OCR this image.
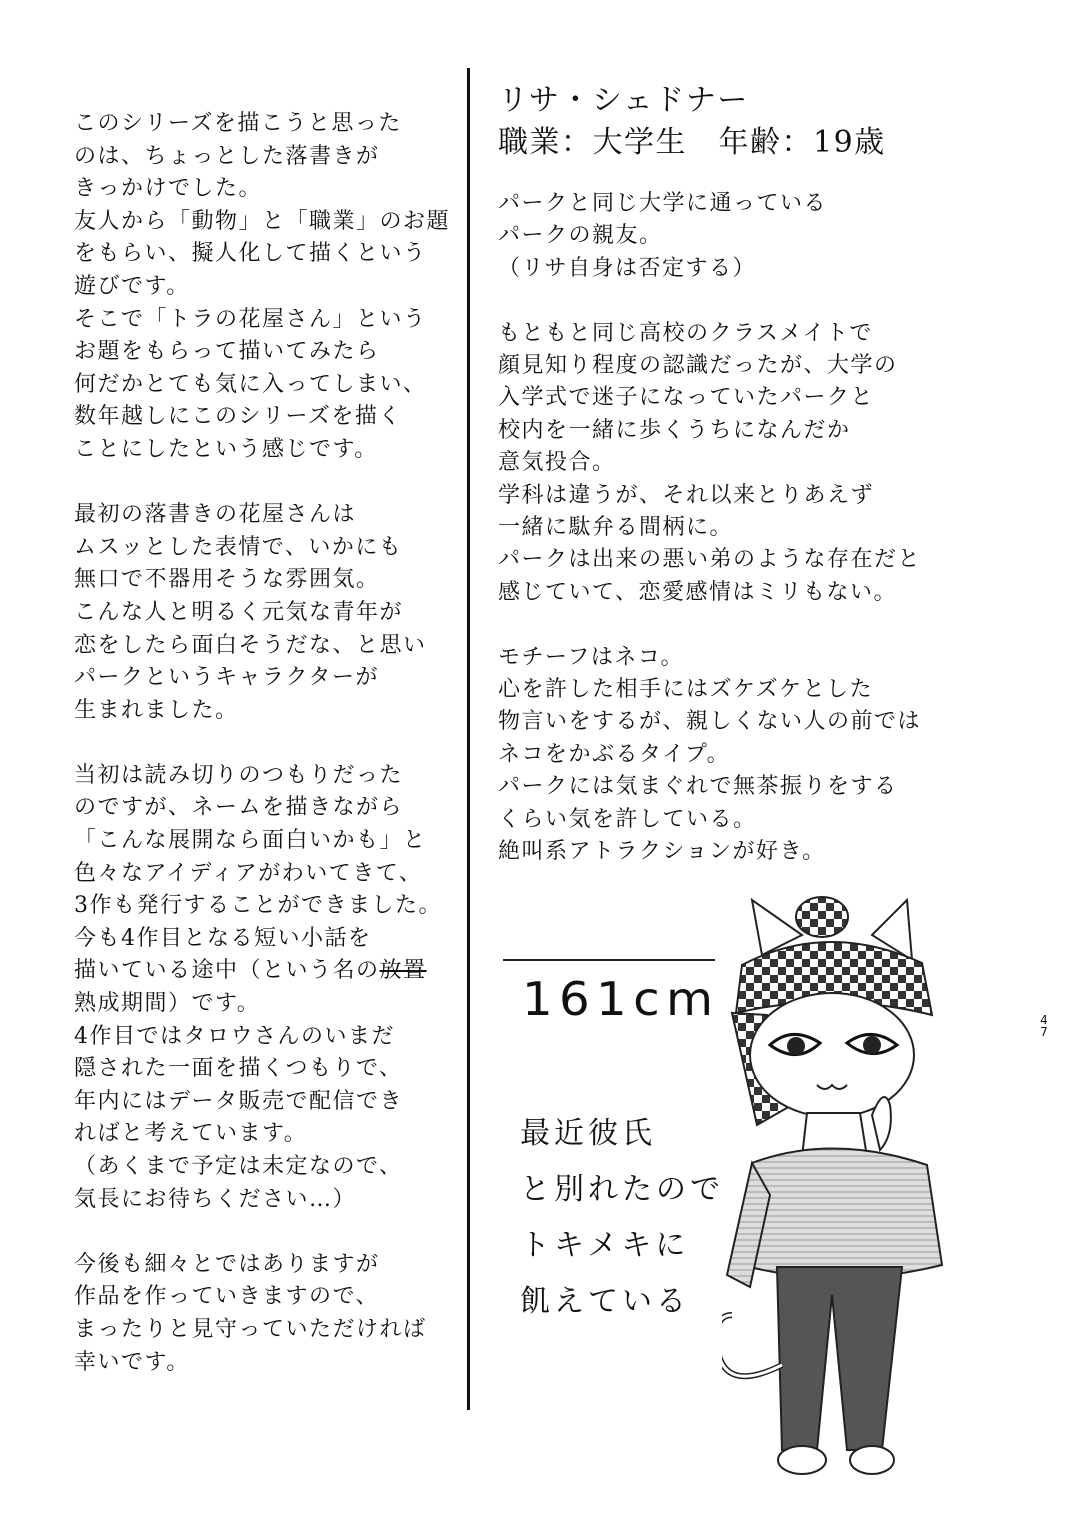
このシリーズを描こうと思った
のは、ちょっとした落書きが
きっかけでした。
友人から「動物」と「職業」のお題
をもらい、擬人化して描くという
遊びです。
そこで「トラの花屋さん」という
お題をもらって描いてみたら
何だかとても気に入ってしまい、
数年越しにこのシリーズを描く
ことにしたという感じです。
最初の落書きの花屋さんは
ムスッとした表情で、いかにも
無口で不器用そうな雰囲気。
こんな人と明るく元気な青年が
恋をしたら面白そうだな、と思い
パークというキャラクターが
生まれました。
当初は読み切りのつもりだった
のですが、ネームを描きながら
「こんな展開なら面白いかも」と
色々なアイディアがわいてきて、
3作も発行することができました。
今も4作目となる短い小話を
描いている途中（という名の放置
熟成期間）です。
4作目ではタロウさんのいまだ
隠された一面を描くつもりで、
年内にはデータ販売で配信でき
ればと考えています。
（あくまで予定は未定なので、
気長にお待ちください…）
今後も細々とではありますが
作品を作っていきますので、
まったりと見守っていただければ
幸いです。

リサ・シェドナー

職業：大学生　年齢：19歳

パークと同じ大学に通っている
パークの親友。
（リサ自身は否定する）
もともと同じ高校のクラスメイトで
顔見知り程度の認識だったが、大学の
入学式で迷子になっていたパークと
校内を一緒に歩くうちになんだか
意気投合。
学科は違うが、それ以来とりあえず
一緒に駄弁る間柄に。
パークは出来の悪い弟のような存在だと
感じていて、恋愛感情はミリもない。
モチーフはネコ。
心を許した相手にはズケズケとした
物言いをするが、親しくない人の前では
ネコをかぶるタイプ。
パークには気まぐれで無茶振りをする
くらい気を許している。
絶叫系アトラクションが好き。
161cm
最近彼氏
と別れたので
トキメキに
飢えている
4
7
